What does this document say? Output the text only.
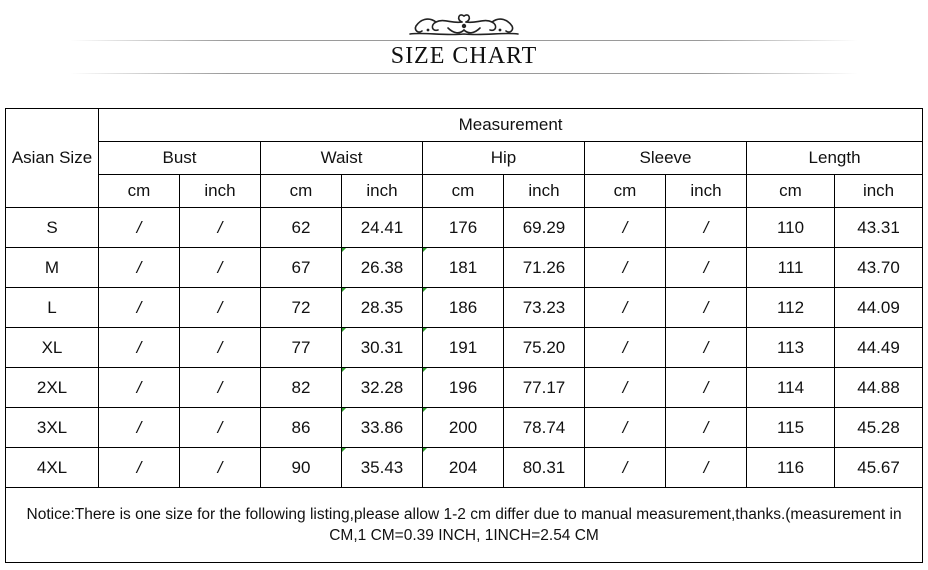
SIZE CHART
Asian Size	Measurement									
	Bust		Waist		Hip		Sleeve		Length	
	cm	inch	cm	inch	cm	inch	cm	inch	cm	inch
S	/	/	62	24.41	176	69.29	/	/	110	43.31
M	/	/	67	26.38	181	71.26	/	/	111	43.70
L	/	/	72	28.35	186	73.23	/	/	112	44.09
XL	/	/	77	30.31	191	75.20	/	/	113	44.49
2XL	/	/	82	32.28	196	77.17	/	/	114	44.88
3XL	/	/	86	33.86	200	78.74	/	/	115	45.28
4XL	/	/	90	35.43	204	80.31	/	/	116	45.67
Notice:There is one size for the following listing,please allow 1-2 cm differ due to manual measurement,thanks.(measurement in CM,1 CM=0.39 INCH, 1INCH=2.54 CM										
